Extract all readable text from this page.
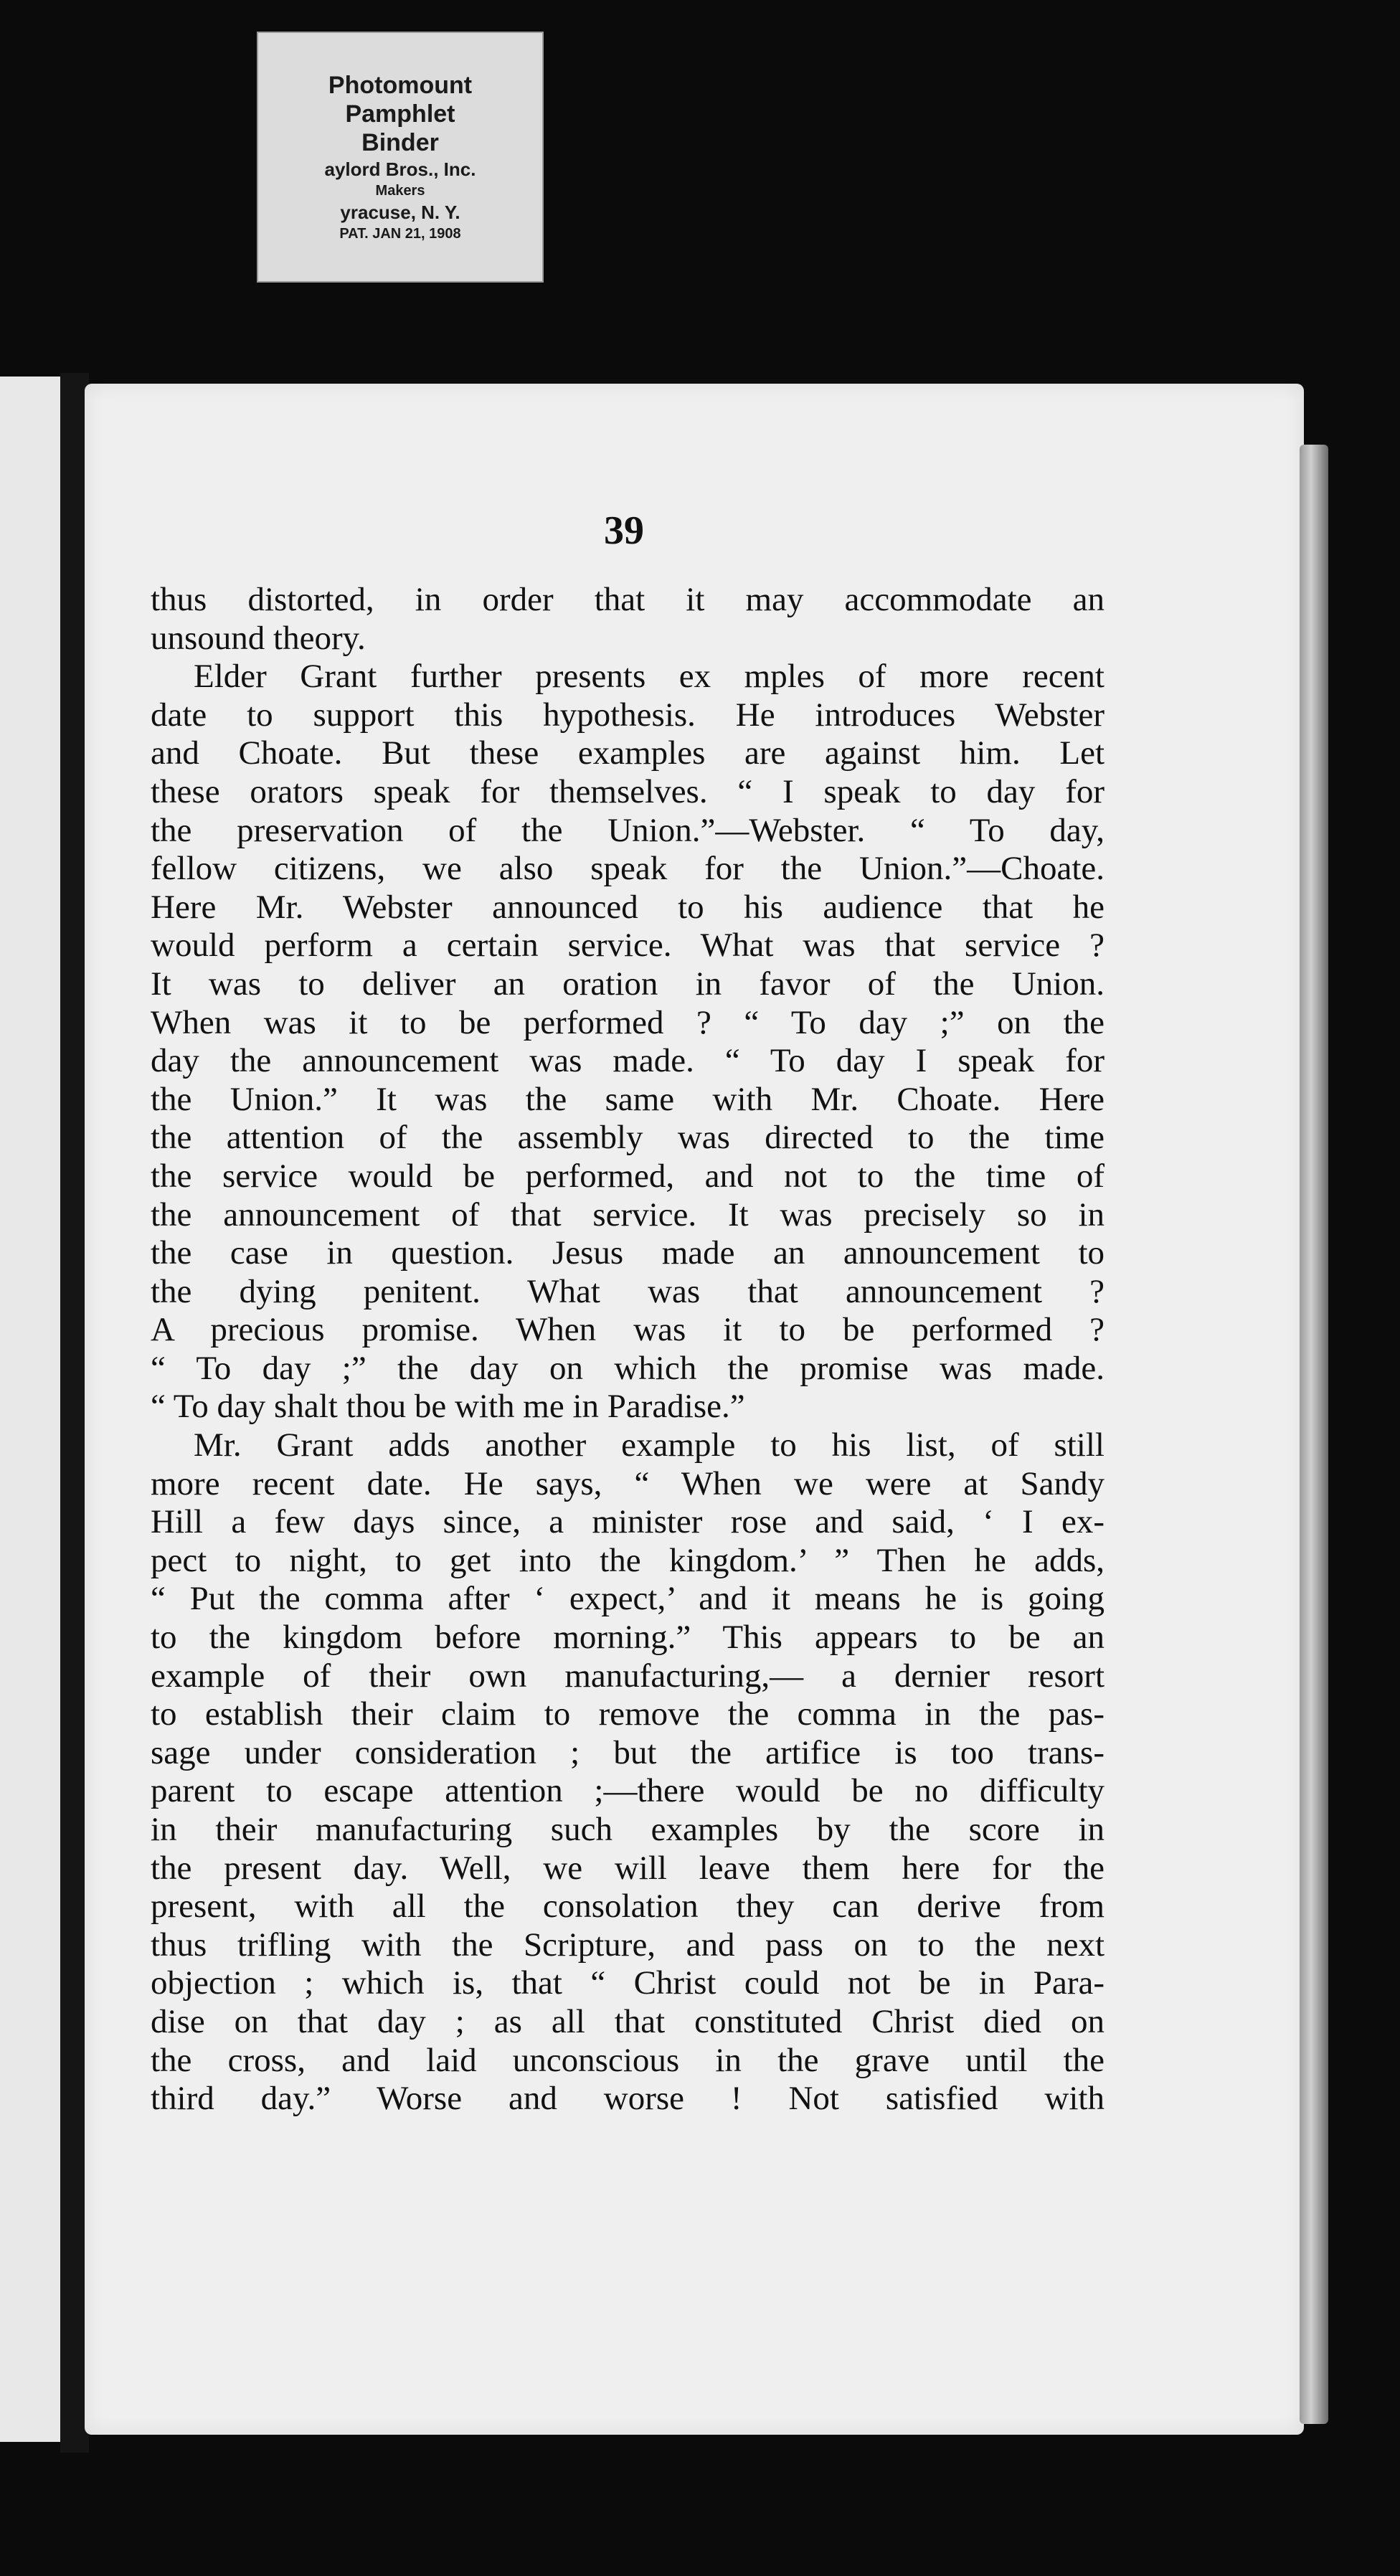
Photomount
Pamphlet
Binder
aylord Bros., Inc.
Makers
yracuse, N. Y.
PAT. JAN 21, 1908
39
thus distorted, in order that it may accommodate an
unsound theory.
Elder Grant further presents ex mples of more recent
date to support this hypothesis. He introduces Webster
and Choate. But these examples are against him. Let
these orators speak for themselves. “ I speak to day for
the preservation of the Union.”—Webster. “ To day,
fellow citizens, we also speak for the Union.”—Choate.
Here Mr. Webster announced to his audience that he
would perform a certain service. What was that service ?
It was to deliver an oration in favor of the Union.
When was it to be performed ? “ To day ;” on the
day the announcement was made. “ To day I speak for
the Union.” It was the same with Mr. Choate. Here
the attention of the assembly was directed to the time
the service would be performed, and not to the time of
the announcement of that service. It was precisely so in
the case in question. Jesus made an announcement to
the dying penitent. What was that announcement ?
A precious promise. When was it to be performed ?
“ To day ;” the day on which the promise was made.
“ To day shalt thou be with me in Paradise.”
Mr. Grant adds another example to his list, of still
more recent date. He says, “ When we were at Sandy
Hill a few days since, a minister rose and said, ‘ I ex-
pect to night, to get into the kingdom.’ ” Then he adds,
“ Put the comma after ‘ expect,’ and it means he is going
to the kingdom before morning.” This appears to be an
example of their own manufacturing,— a dernier resort
to establish their claim to remove the comma in the pas-
sage under consideration ; but the artifice is too trans-
parent to escape attention ;—there would be no difficulty
in their manufacturing such examples by the score in
the present day. Well, we will leave them here for the
present, with all the consolation they can derive from
thus trifling with the Scripture, and pass on to the next
objection ; which is, that “ Christ could not be in Para-
dise on that day ; as all that constituted Christ died on
the cross, and laid unconscious in the grave until the
third day.” Worse and worse ! Not satisfied with
